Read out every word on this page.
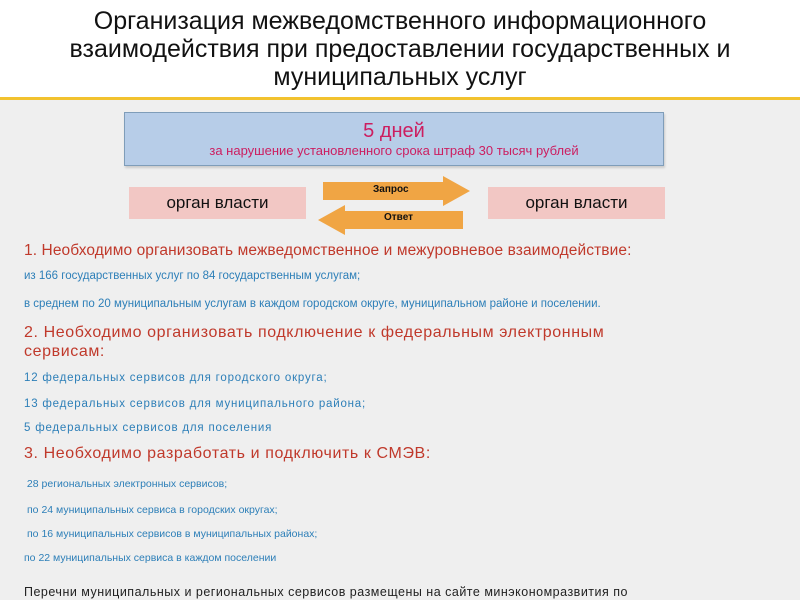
Организация межведомственного информационного
взаимодействия при предоставлении государственных и
муниципальных услуг
5 дней
за нарушение установленного срока штраф 30 тысяч рублей
орган власти	орган власти
Запрос
Ответ
1. Необходимо организовать межведомственное и межуровневое взаимодействие:
из 166 государственных услуг по 84 государственным услугам;
в среднем по 20 муниципальным услугам в каждом городском округе, муниципальном районе и поселении.
2. Необходимо организовать подключение к федеральным электронным
сервисам:
12 федеральных сервисов для городского округа;
13 федеральных сервисов для муниципального района;
5 федеральных сервисов для поселения
3. Необходимо разработать и подключить к СМЭВ:
28 региональных электронных сервисов;
по 24 муниципальных сервиса в городских округах;
по 16 муниципальных сервисов в муниципальных районах;
по 22 муниципальных сервиса в каждом поселении
Перечни муниципальных и региональных сервисов размещены на сайте минэкономразвития по
